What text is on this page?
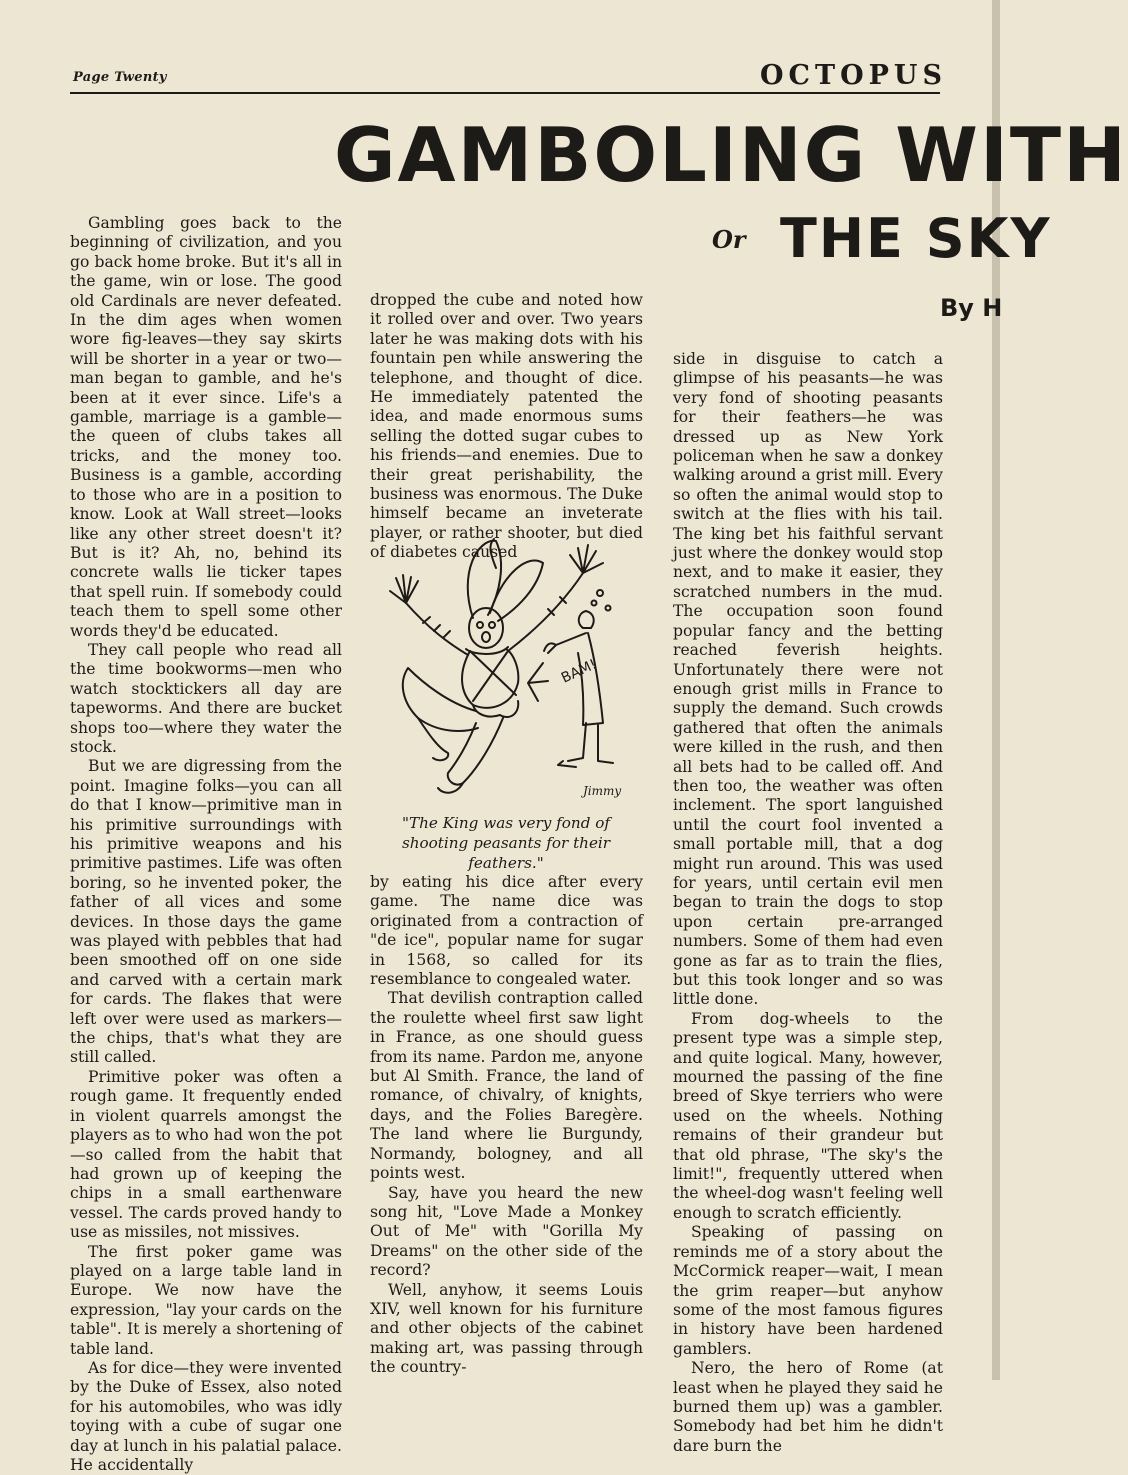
Page Twenty	OCTOPUS
GAMBOLING WITH
Or THE SKY
By H

Gambling goes back to the beginning of civilization, and you go back home broke. But it's all in the game, win or lose. The good old Cardinals are never defeated. In the dim ages when women wore fig-leaves—they say skirts will be shorter in a year or two—man began to gamble, and he's been at it ever since. Life's a gamble, marriage is a gamble—the queen of clubs takes all tricks, and the money too. Business is a gamble, according to those who are in a position to know. Look at Wall street—looks like any other street doesn't it? But is it? Ah, no, behind its concrete walls lie ticker tapes that spell ruin. If somebody could teach them to spell some other words they'd be educated.

They call people who read all the time bookworms—men who watch stocktickers all day are tapeworms. And there are bucket shops too—where they water the stock.

But we are digressing from the point. Imagine folks—you can all do that I know—primitive man in his primitive surroundings with his primitive weapons and his primitive pastimes. Life was often boring, so he invented poker, the father of all vices and some devices. In those days the game was played with pebbles that had been smoothed off on one side and carved with a certain mark for cards. The flakes that were left over were used as markers—the chips, that's what they are still called.

Primitive poker was often a rough game. It frequently ended in violent quarrels amongst the players as to who had won the pot—so called from the habit that had grown up of keeping the chips in a small earthenware vessel. The cards proved handy to use as missiles, not missives.

The first poker game was played on a large table land in Europe. We now have the expression, "lay your cards on the table". It is merely a shortening of table land.

As for dice—they were invented by the Duke of Essex, also noted for his automobiles, who was idly toying with a cube of sugar one day at lunch in his palatial palace. He accidentally

dropped the cube and noted how it rolled over and over. Two years later he was making dots with his fountain pen while answering the telephone, and thought of dice. He immediately patented the idea, and made enormous sums selling the dotted sugar cubes to his friends—and enemies. Due to their great perishability, the business was enormous. The Duke himself became an inveterate player, or rather shooter, but died of diabetes caused

BAM!
Jimmy
"The King was very fond of shooting peasants for their feathers."

by eating his dice after every game. The name dice was originated from a contraction of "de ice", popular name for sugar in 1568, so called for its resemblance to congealed water.

That devilish contraption called the roulette wheel first saw light in France, as one should guess from its name. Pardon me, anyone but Al Smith. France, the land of romance, of chivalry, of knights, days, and the Folies Baregère. The land where lie Burgundy, Normandy, bologney, and all points west.

Say, have you heard the new song hit, "Love Made a Monkey Out of Me" with "Gorilla My Dreams" on the other side of the record?

Well, anyhow, it seems Louis XIV, well known for his furniture and other objects of the cabinet making art, was passing through the country-

side in disguise to catch a glimpse of his peasants—he was very fond of shooting peasants for their feathers—he was dressed up as New York policeman when he saw a donkey walking around a grist mill. Every so often the animal would stop to switch at the flies with his tail. The king bet his faithful servant just where the donkey would stop next, and to make it easier, they scratched numbers in the mud. The occupation soon found popular fancy and the betting reached feverish heights. Unfortunately there were not enough grist mills in France to supply the demand. Such crowds gathered that often the animals were killed in the rush, and then all bets had to be called off. And then too, the weather was often inclement. The sport languished until the court fool invented a small portable mill, that a dog might run around. This was used for years, until certain evil men began to train the dogs to stop upon certain pre-arranged numbers. Some of them had even gone as far as to train the flies, but this took longer and so was little done.

From dog-wheels to the present type was a simple step, and quite logical. Many, however, mourned the passing of the fine breed of Skye terriers who were used on the wheels. Nothing remains of their grandeur but that old phrase, "The sky's the limit!", frequently uttered when the wheel-dog wasn't feeling well enough to scratch efficiently.

Speaking of passing on reminds me of a story about the McCormick reaper—wait, I mean the grim reaper—but anyhow some of the most famous figures in history have been hardened gamblers.

Nero, the hero of Rome (at least when he played they said he burned them up) was a gambler. Somebody had bet him he didn't dare burn the
